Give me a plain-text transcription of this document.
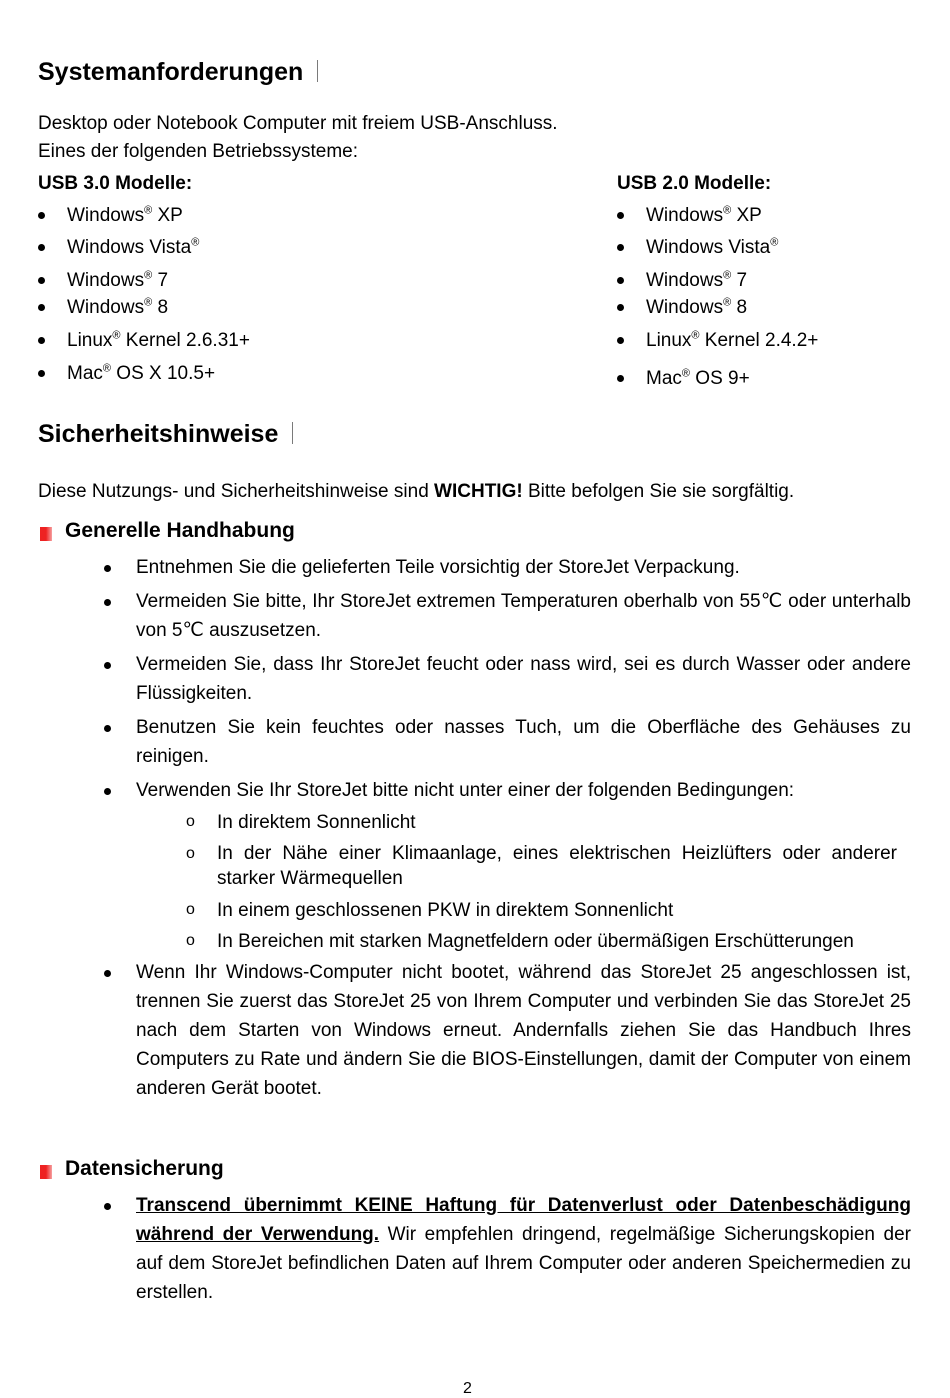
Systemanforderungen
Desktop oder Notebook Computer mit freiem USB-Anschluss.
Eines der folgenden Betriebssysteme:
USB 3.0 Modelle:	USB 2.0 Modelle:
Windows® XP
Windows Vista®
Windows® 7
Windows® 8
Linux® Kernel 2.6.31+
Mac® OS X 10.5+
Windows® XP
Windows Vista®
Windows® 7
Windows® 8
Linux® Kernel 2.4.2+
Mac® OS 9+
Sicherheitshinweise
Diese Nutzungs- und Sicherheitshinweise sind WICHTIG! Bitte befolgen Sie sie sorgfältig.
Generelle Handhabung
Entnehmen Sie die gelieferten Teile vorsichtig der StoreJet Verpackung.
Vermeiden Sie bitte, Ihr StoreJet extremen Temperaturen oberhalb von 55℃ oder unterhalb von 5℃ auszusetzen.
Vermeiden Sie, dass Ihr StoreJet feucht oder nass wird, sei es durch Wasser oder andere Flüssigkeiten.
Benutzen Sie kein feuchtes oder nasses Tuch, um die Oberfläche des Gehäuses zu reinigen.
Verwenden Sie Ihr StoreJet bitte nicht unter einer der folgenden Bedingungen:
o In direktem Sonnenlicht
o In der Nähe einer Klimaanlage, eines elektrischen Heizlüfters oder anderer starker Wärmequellen
o In einem geschlossenen PKW in direktem Sonnenlicht
o In Bereichen mit starken Magnetfeldern oder übermäßigen Erschütterungen
Wenn Ihr Windows-Computer nicht bootet, während das StoreJet 25 angeschlossen ist, trennen Sie zuerst das StoreJet 25 von Ihrem Computer und verbinden Sie das StoreJet 25 nach dem Starten von Windows erneut. Andernfalls ziehen Sie das Handbuch Ihres Computers zu Rate und ändern Sie die BIOS-Einstellungen, damit der Computer von einem anderen Gerät bootet.
Datensicherung
Transcend übernimmt KEINE Haftung für Datenverlust oder Datenbeschädigung während der Verwendung. Wir empfehlen dringend, regelmäßige Sicherungskopien der auf dem StoreJet befindlichen Daten auf Ihrem Computer oder anderen Speichermedien zu erstellen.
2
